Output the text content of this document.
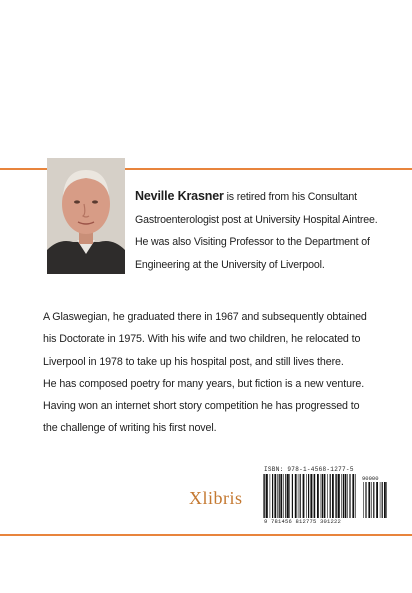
Neville Krasner is retired from his Consultant
Gastroenterologist post at University Hospital Aintree.
He was also Visiting Professor to the Department of
Engineering at the University of Liverpool.
A Glaswegian, he graduated there in 1967 and subsequently obtained
his Doctorate in 1975. With his wife and two children, he relocated to
Liverpool in 1978 to take up his hospital post, and still lives there.
He has composed poetry for many years, but fiction is a new venture.
Having won an internet short story competition he has progressed to
the challenge of writing his first novel.
Xlibris
ISBN: 978-1-4568-1277-5
90000
9 781456 812775 301222
